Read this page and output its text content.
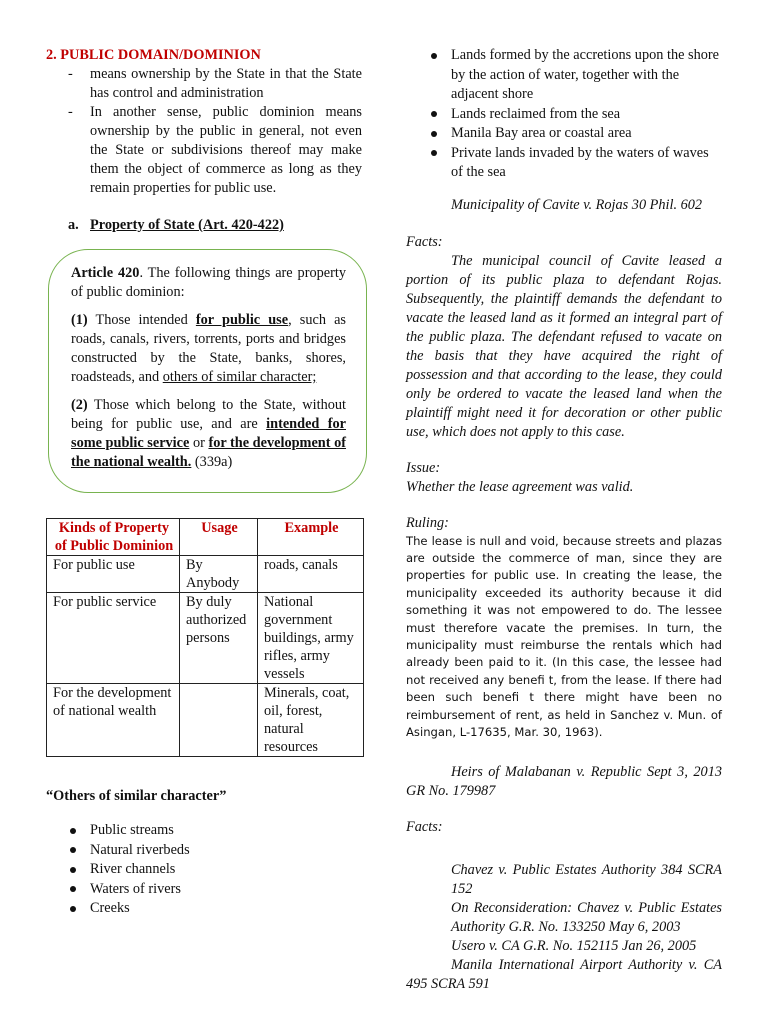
2. PUBLIC DOMAIN/DOMINION

- means ownership by the State in that the State has control and administration
- In another sense, public dominion means ownership by the public in general, not even the State or subdivisions thereof may make them the object of commerce as long as they remain properties for public use.
a. Property of State (Art. 420-422)

Article 420. The following things are property of public dominion:

(1) Those intended for public use, such as roads, canals, rivers, torrents, ports and bridges constructed by the State, banks, shores, roadsteads, and others of similar character;

(2) Those which belong to the State, without being for public use, and are intended for some public service or for the development of the national wealth. (339a)

Kinds of Property of Public Dominion	Usage	Example
For public use	By Anybody	roads, canals
For public service	By duly authorized persons	National government buildings, army rifles, army vessels
For the development of national wealth		Minerals, coat, oil, forest, natural resources
“Others of similar character”
Public streams
Natural riverbeds
River channels
Waters of rivers
Creeks
Lands formed by the accretions upon the shore by the action of water, together with the adjacent shore
Lands reclaimed from the sea
Manila Bay area or coastal area
Private lands invaded by the waters of waves of the sea
Municipality of Cavite v. Rojas 30 Phil. 602
Facts:

The municipal council of Cavite leased a portion of its public plaza to defendant Rojas. Subsequently, the plaintiff demands the defendant to vacate the leased land as it formed an integral part of the public plaza. The defendant refused to vacate on the basis that they have acquired the right of possession and that according to the lease, they could only be ordered to vacate the leased land when the plaintiff might need it for decoration or other public use, which does not apply to this case.

Issue:

Whether the lease agreement was valid.

Ruling:

The lease is null and void, because streets and plazas are outside the commerce of man, since they are properties for public use. In creating the lease, the municipality exceeded its authority because it did something it was not empowered to do. The lessee must therefore vacate the premises. In turn, the municipality must reimburse the rentals which had already been paid to it. (In this case, the lessee had not received any benefi t, from the lease. If there had been such benefi t there might have been no reimbursement of rent, as held in Sanchez v. Mun. of Asingan, L-17635, Mar. 30, 1963).

Heirs of Malabanan v. Republic Sept 3, 2013 GR No. 179987

Facts:
Chavez v. Public Estates Authority 384 SCRA 152
On Reconsideration: Chavez v. Public Estates Authority G.R. No. 133250 May 6, 2003
Usero v. CA G.R. No. 152115 Jan 26, 2005
Manila International Airport Authority v. CA 495 SCRA 591
